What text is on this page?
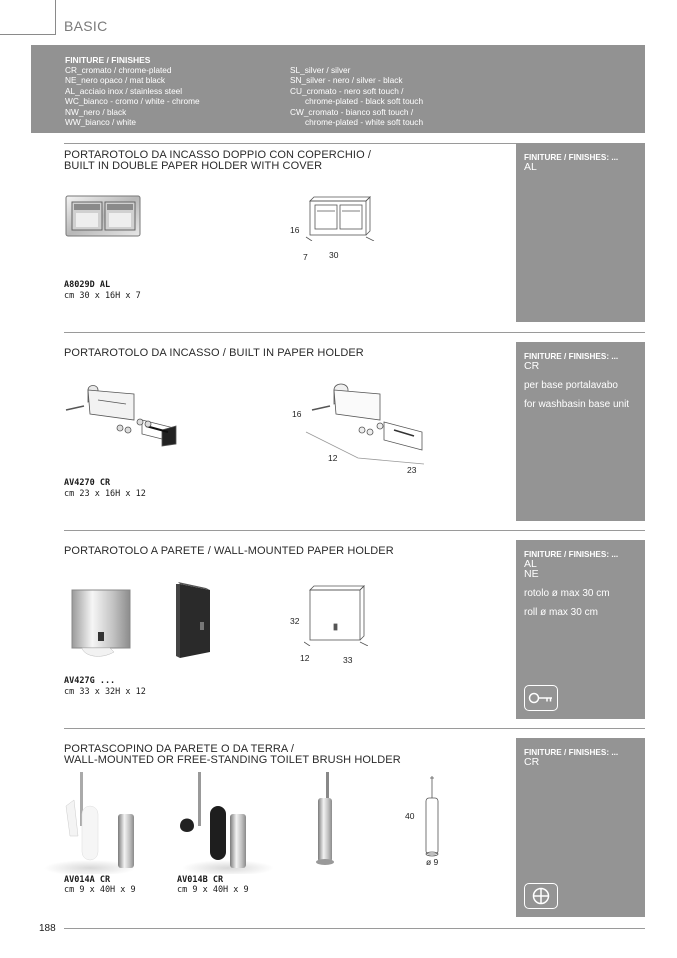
BASIC
FINITURE / FINISHES
CR_cromato / chrome-plated
NE_nero opaco / mat black
AL_acciaio inox / stainless steel
WC_bianco - cromo / white - chrome
NW_nero / black
WW_bianco / white
SL_silver / silver
SN_silver - nero / silver - black
CU_cromato - nero soft touch /
chrome-plated - black soft touch
CW_cromato - bianco soft touch /
chrome-plated - white soft touch
PORTAROTOLO DA INCASSO DOPPIO CON COPERCHIO /
BUILT IN DOUBLE PAPER HOLDER WITH COVER
16
7	30
A8029D AL
cm 30 x 16H x 7
FINITURE / FINISHES: ...
AL
PORTAROTOLO DA INCASSO / BUILT IN PAPER HOLDER
16
12
23
AV4270 CR
cm 23 x 16H x 12
FINITURE / FINISHES: ...
CR
per base portalavabo
for washbasin base unit
PORTAROTOLO A PARETE / WALL-MOUNTED PAPER HOLDER
32
12	33
AV427G ...
cm 33 x 32H x 12
FINITURE / FINISHES: ...
AL
NE
rotolo ø max 30 cm
roll ø max 30 cm
PORTASCOPINO DA PARETE O DA TERRA /
WALL-MOUNTED OR FREE-STANDING TOILET BRUSH HOLDER
40
ø 9
AV014A CR
cm 9 x 40H x 9
AV014B CR
cm 9 x 40H x 9
FINITURE / FINISHES: ...
CR
188
